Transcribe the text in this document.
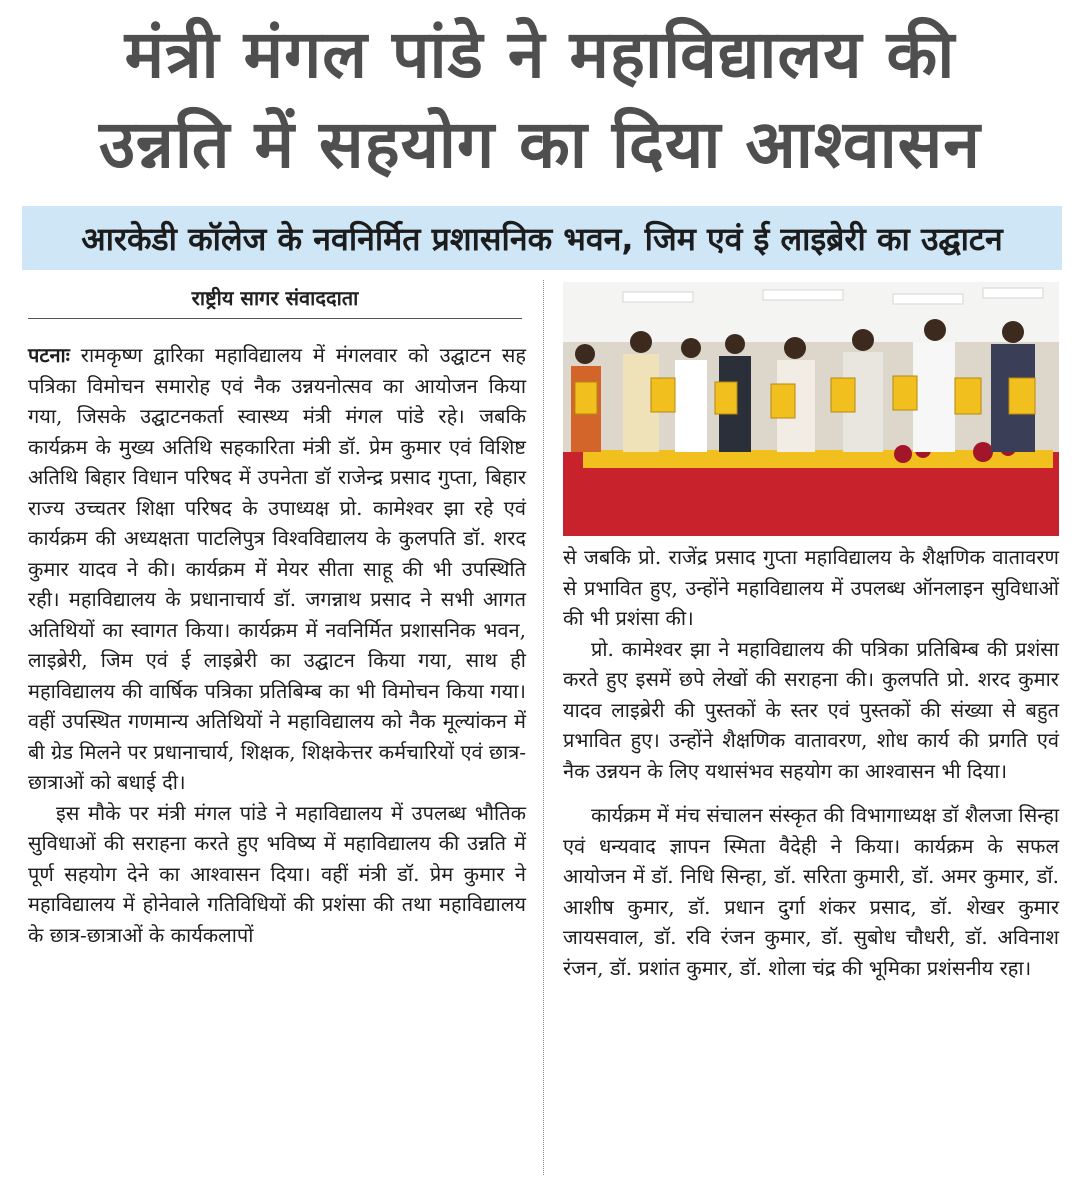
मंत्री मंगल पांडे ने महाविद्यालय की
उन्नति में सहयोग का दिया आश्वासन
आरकेडी कॉलेज के नवनिर्मित प्रशासनिक भवन, जिम एवं ई लाइब्रेरी का उद्घाटन
राष्ट्रीय सागर संवाददाता

पटनाः रामकृष्ण द्वारिका महाविद्यालय में मंगलवार को उद्घाटन सह पत्रिका विमोचन समारोह एवं नैक उन्नयनोत्सव का आयोजन किया गया, जिसके उद्घाटनकर्ता स्वास्थ्य मंत्री मंगल पांडे रहे। जबकि कार्यक्रम के मुख्य अतिथि सहकारिता मंत्री डॉ. प्रेम कुमार एवं विशिष्ट अतिथि बिहार विधान परिषद में उपनेता डॉ राजेन्द्र प्रसाद गुप्ता, बिहार राज्य उच्चतर शिक्षा परिषद के उपाध्यक्ष प्रो. कामेश्वर झा रहे एवं कार्यक्रम की अध्यक्षता पाटलिपुत्र विश्वविद्यालय के कुलपति डॉ. शरद कुमार यादव ने की। कार्यक्रम में मेयर सीता साहू की भी उपस्थिति रही। महाविद्यालय के प्रधानाचार्य डॉ. जगन्नाथ प्रसाद ने सभी आगत अतिथियों का स्वागत किया। कार्यक्रम में नवनिर्मित प्रशासनिक भवन, लाइब्रेरी, जिम एवं ई लाइब्रेरी का उद्घाटन किया गया, साथ ही महाविद्यालय की वार्षिक पत्रिका प्रतिबिम्ब का भी विमोचन किया गया। वहीं उपस्थित गणमान्य अतिथियों ने महाविद्यालय को नैक मूल्यांकन में बी ग्रेड मिलने पर प्रधानाचार्य, शिक्षक, शिक्षकेत्तर कर्मचारियों एवं छात्र-छात्राओं को बधाई दी।

इस मौके पर मंत्री मंगल पांडे ने महाविद्यालय में उपलब्ध भौतिक सुविधाओं की सराहना करते हुए भविष्य में महाविद्यालय की उन्नति में पूर्ण सहयोग देने का आश्वासन दिया। वहीं मंत्री डॉ. प्रेम कुमार ने महाविद्यालय में होनेवाले गतिविधियों की प्रशंसा की तथा महाविद्यालय के छात्र-छात्राओं के कार्यकलापों

से जबकि प्रो. राजेंद्र प्रसाद गुप्ता महाविद्यालय के शैक्षणिक वातावरण से प्रभावित हुए, उन्होंने महाविद्यालय में उपलब्ध ऑनलाइन सुविधाओं की भी प्रशंसा की।

प्रो. कामेश्वर झा ने महाविद्यालय की पत्रिका प्रतिबिम्ब की प्रशंसा करते हुए इसमें छपे लेखों की सराहना की। कुलपति प्रो. शरद कुमार यादव लाइब्रेरी की पुस्तकों के स्तर एवं पुस्तकों की संख्या से बहुत प्रभावित हुए। उन्होंने शैक्षणिक वातावरण, शोध कार्य की प्रगति एवं नैक उन्नयन के लिए यथासंभव सहयोग का आश्वासन भी दिया।

कार्यक्रम में मंच संचालन संस्कृत की विभागाध्यक्ष डॉ शैलजा सिन्हा एवं धन्यवाद ज्ञापन स्मिता वैदेही ने किया। कार्यक्रम के सफल आयोजन में डॉ. निधि सिन्हा, डॉ. सरिता कुमारी, डॉ. अमर कुमार, डॉ. आशीष कुमार, डॉ. प्रधान दुर्गा शंकर प्रसाद, डॉ. शेखर कुमार जायसवाल, डॉ. रवि रंजन कुमार, डॉ. सुबोध चौधरी, डॉ. अविनाश रंजन, डॉ. प्रशांत कुमार, डॉ. शोला चंद्र की भूमिका प्रशंसनीय रहा।
